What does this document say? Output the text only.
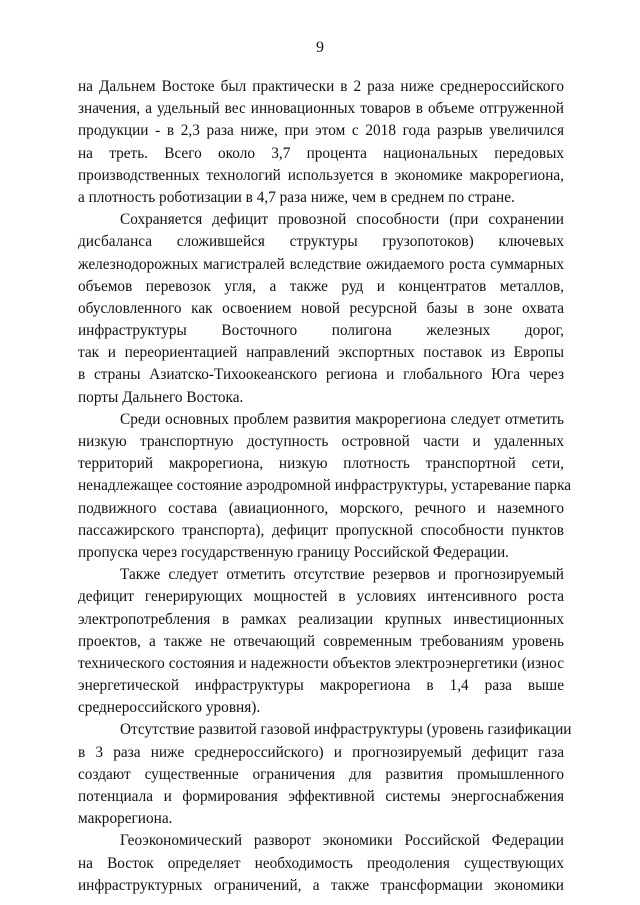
9

на Дальнем Востоке был практически в 2 раза ниже среднероссийского
значения, а удельный вес инновационных товаров в объеме отгруженной
продукции - в 2,3 раза ниже, при этом с 2018 года разрыв увеличился
на треть. Всего около 3,7 процента национальных передовых
производственных технологий используется в экономике макрорегиона,
а плотность роботизации в 4,7 раза ниже, чем в среднем по стране.

Сохраняется дефицит провозной способности (при сохранении
дисбаланса сложившейся структуры грузопотоков) ключевых
железнодорожных магистралей вследствие ожидаемого роста суммарных
объемов перевозок угля, а также руд и концентратов металлов,
обусловленного как освоением новой ресурсной базы в зоне охвата
инфраструктуры Восточного полигона железных дорог,
так и переориентацией направлений экспортных поставок из Европы
в страны Азиатско-Тихоокеанского региона и глобального Юга через
порты Дальнего Востока.

Среди основных проблем развития макрорегиона следует отметить
низкую транспортную доступность островной части и удаленных
территорий макрорегиона, низкую плотность транспортной сети,
ненадлежащее состояние аэродромной инфраструктуры, устаревание парка
подвижного состава (авиационного, морского, речного и наземного
пассажирского транспорта), дефицит пропускной способности пунктов
пропуска через государственную границу Российской Федерации.

Также следует отметить отсутствие резервов и прогнозируемый
дефицит генерирующих мощностей в условиях интенсивного роста
электропотребления в рамках реализации крупных инвестиционных
проектов, а также не отвечающий современным требованиям уровень
технического состояния и надежности объектов электроэнергетики (износ
энергетической инфраструктуры макрорегиона в 1,4 раза выше
среднероссийского уровня).

Отсутствие развитой газовой инфраструктуры (уровень газификации
в 3 раза ниже среднероссийского) и прогнозируемый дефицит газа
создают существенные ограничения для развития промышленного
потенциала и формирования эффективной системы энергоснабжения
макрорегиона.

Геоэкономический разворот экономики Российской Федерации
на Восток определяет необходимость преодоления существующих
инфраструктурных ограничений, а также трансформации экономики
